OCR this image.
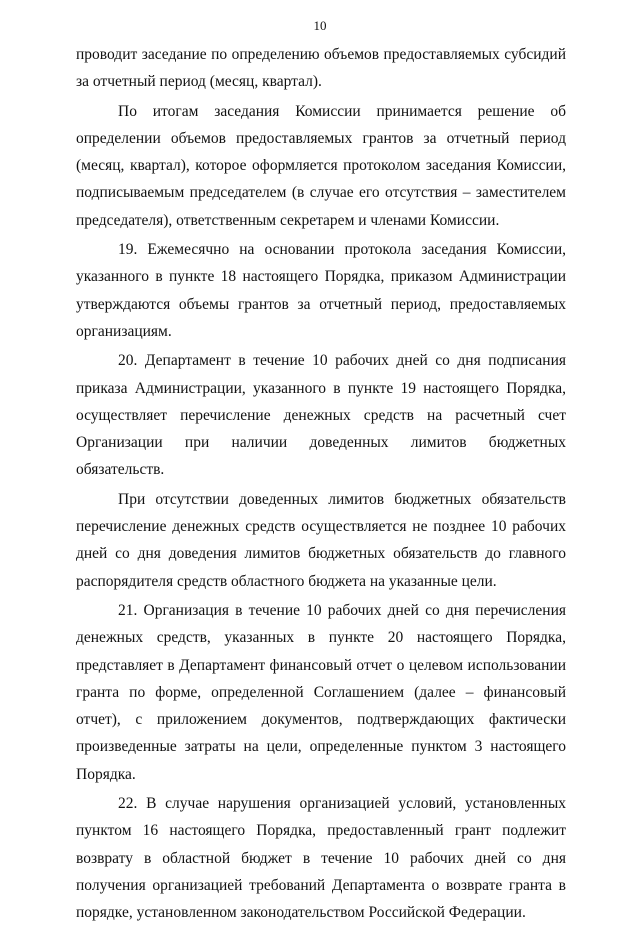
10

проводит заседание по определению объемов предоставляемых субсидий за отчетный период (месяц, квартал).

По итогам заседания Комиссии принимается решение об определении объемов предоставляемых грантов за отчетный период (месяц, квартал), которое оформляется протоколом заседания Комиссии, подписываемым председателем (в случае его отсутствия – заместителем председателя), ответственным секретарем и членами Комиссии.

19. Ежемесячно на основании протокола заседания Комиссии, указанного в пункте 18 настоящего Порядка, приказом Администрации утверждаются объемы грантов за отчетный период, предоставляемых организациям.

20. Департамент в течение 10 рабочих дней со дня подписания приказа Администрации, указанного в пункте 19 настоящего Порядка, осуществляет перечисление денежных средств на расчетный счет Организации при наличии доведенных лимитов бюджетных обязательств.

При отсутствии доведенных лимитов бюджетных обязательств перечисление денежных средств осуществляется не позднее 10 рабочих дней со дня доведения лимитов бюджетных обязательств до главного распорядителя средств областного бюджета на указанные цели.

21. Организация в течение 10 рабочих дней со дня перечисления денежных средств, указанных в пункте 20 настоящего Порядка, представляет в Департамент финансовый отчет о целевом использовании гранта по форме, определенной Соглашением (далее – финансовый отчет), с приложением документов, подтверждающих фактически произведенные затраты на цели, определенные пунктом 3 настоящего Порядка.

22. В случае нарушения организацией условий, установленных пунктом 16 настоящего Порядка, предоставленный грант подлежит возврату в областной бюджет в течение 10 рабочих дней со дня получения организацией требований Департамента о возврате гранта в порядке, установленном законодательством Российской Федерации.
